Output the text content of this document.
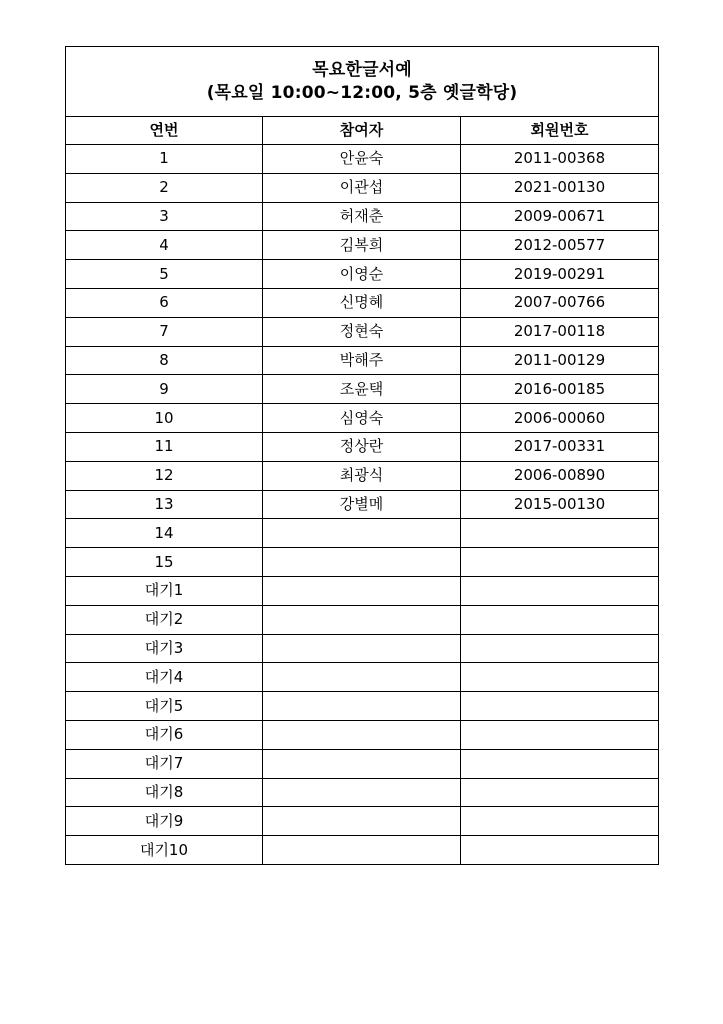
목요한글서예
(목요일 10:00~12:00, 5층 옛글학당)		

연번	참여자	회원번호
1	안윤숙	2011-00368
2	이관섭	2021-00130
3	허재춘	2009-00671
4	김복희	2012-00577
5	이영순	2019-00291
6	신명혜	2007-00766
7	정현숙	2017-00118
8	박해주	2011-00129
9	조윤택	2016-00185
10	심영숙	2006-00060
11	정상란	2017-00331
12	최광식	2006-00890
13	강별메	2015-00130
14		
15		
대기1		
대기2		
대기3		
대기4		
대기5		
대기6		
대기7		
대기8		
대기9		
대기10		
